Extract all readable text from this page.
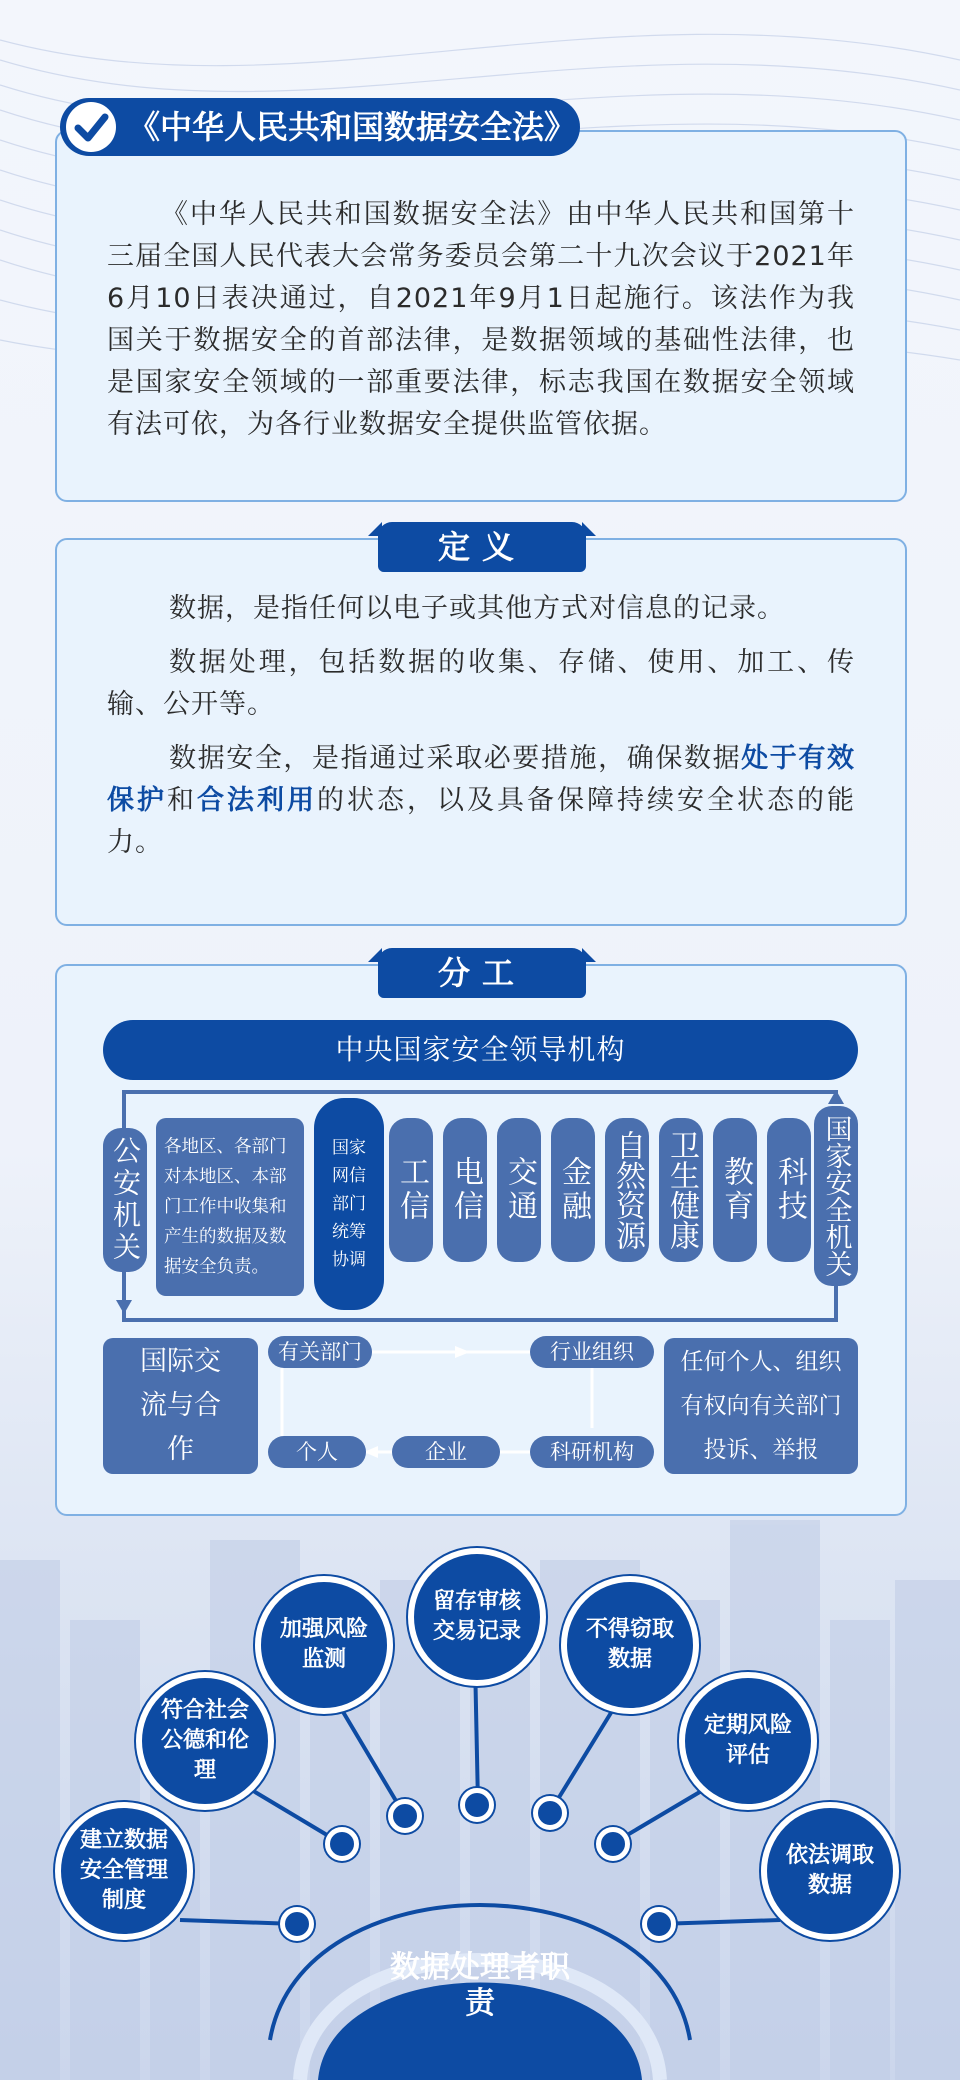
《中华人民共和国数据安全法》

《中华人民共和国数据安全法》由中华人民共和国第十三届全国人民代表大会常务委员会第二十九次会议于2021年6月10日表决通过，自2021年9月1日起施行。该法作为我国关于数据安全的首部法律，是数据领域的基础性法律，也是国家安全领域的一部重要法律，标志我国在数据安全领域有法可依，为各行业数据安全提供监管依据。

定义

数据，是指任何以电子或其他方式对信息的记录。

数据处理，包括数据的收集、存储、使用、加工、传输、公开等。

数据安全，是指通过采取必要措施，确保数据处于有效保护和合法利用的状态，以及具备保障持续安全状态的能力。

分工
中央国家安全领导机构
公安机关	各地区、各部门对本地区、本部门工作中收集和产生的数据及数据安全负责。
国家网信部门统筹协调
工信 电信 交通 金融 自然资源 卫生健康 教育 科技 国家安全机关
国际交流与合作
有关部门	行业组织
科研机构
企业
个人
任何个人、组织有权向有关部门投诉、举报
数据处理者职责
建立数据安全管理制度
符合社会公德和伦理
加强风险监测
留存审核交易记录	不得窃取数据
定期风险评估
依法调取数据
